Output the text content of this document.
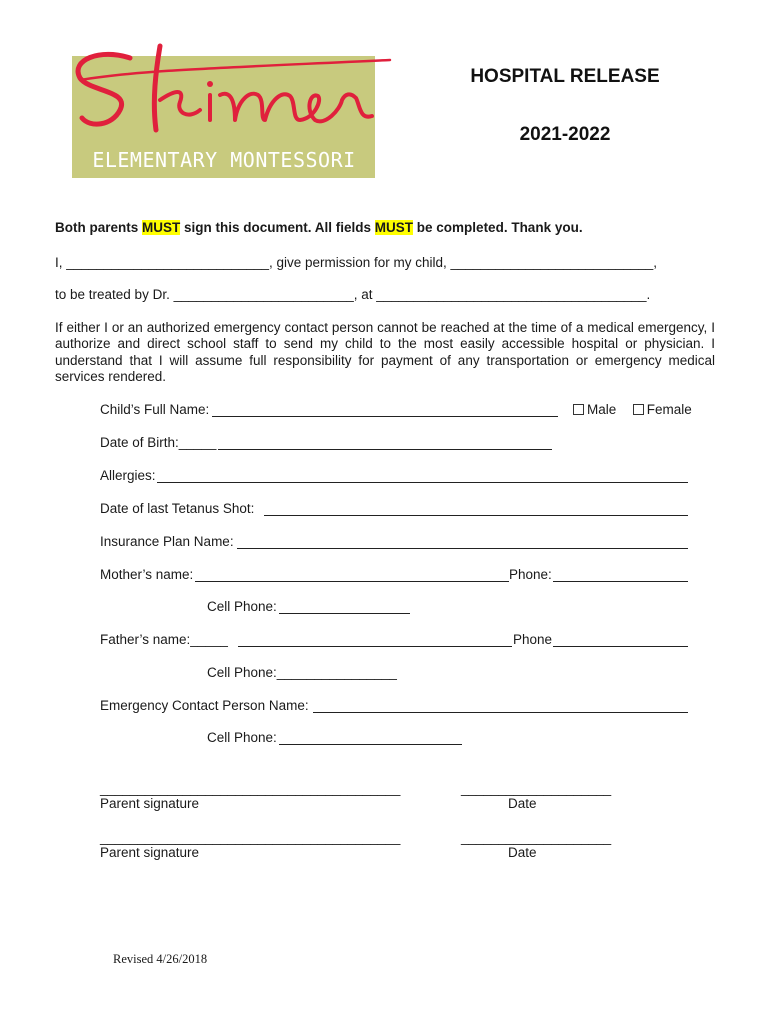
ELEMENTARY MONTESSORI
HOSPITAL RELEASE
2021-2022
Both parents MUST sign this document. All fields MUST be completed. Thank you.
I, ___________________________, give permission for my child, ___________________________,
to be treated by Dr. ________________________, at ____________________________________.
If either I or an authorized emergency contact person cannot be reached at the time of a medical emergency, I authorize and direct school staff to send my child to the most easily accessible hospital or physician. I understand that I will assume full responsibility for payment of any transportation or emergency medical services rendered.
Child’s Full Name:	Male Female
Date of Birth:_____
Allergies:
Date of last Tetanus Shot:
Insurance Plan Name:
Mother’s name:	Phone:
Cell Phone:
Father’s name:_____	Phone
Cell Phone:________________
Emergency Contact Person Name:
Cell Phone:
________________________________________	____________________
Parent signature	Date
________________________________________	____________________
Parent signature	Date
Revised 4/26/2018
